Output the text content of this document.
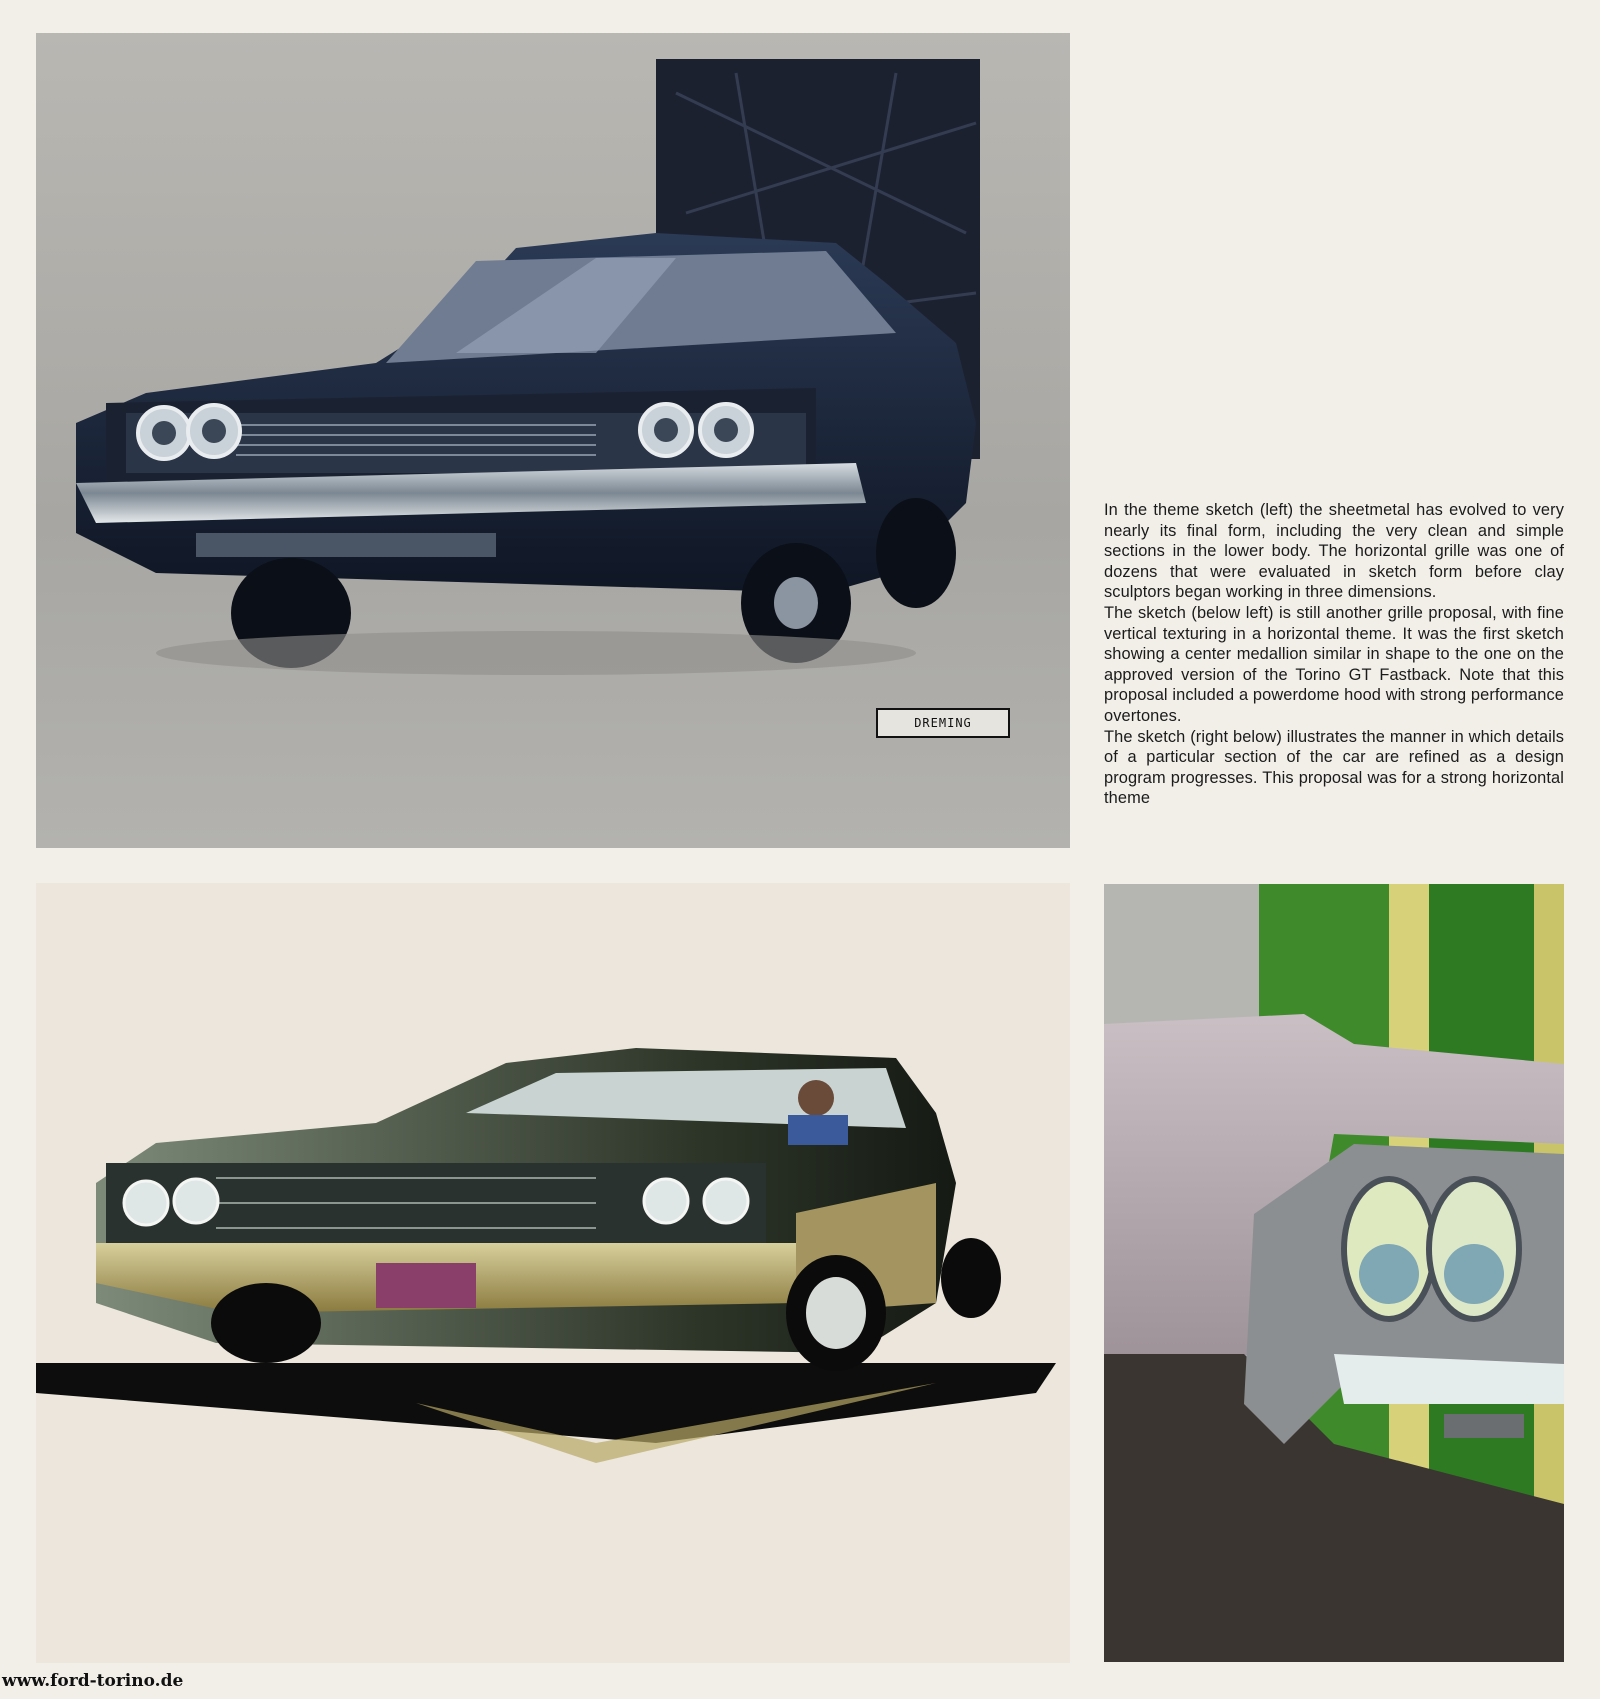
DREMING

In the theme sketch (left) the sheetmetal has evolved to very nearly its final form, including the very clean and simple sections in the lower body. The horizontal grille was one of dozens that were evaluated in sketch form before clay sculptors began working in three dimensions.

The sketch (below left) is still another grille proposal, with fine vertical texturing in a horizontal theme. It was the first sketch showing a center medallion similar in shape to the one on the approved version of the Torino GT Fastback. Note that this proposal included a powerdome hood with strong performance overtones.

The sketch (right below) illustrates the manner in which details of a particular section of the car are refined as a design program progresses. This proposal was for a strong horizontal theme

www.ford-torino.de
